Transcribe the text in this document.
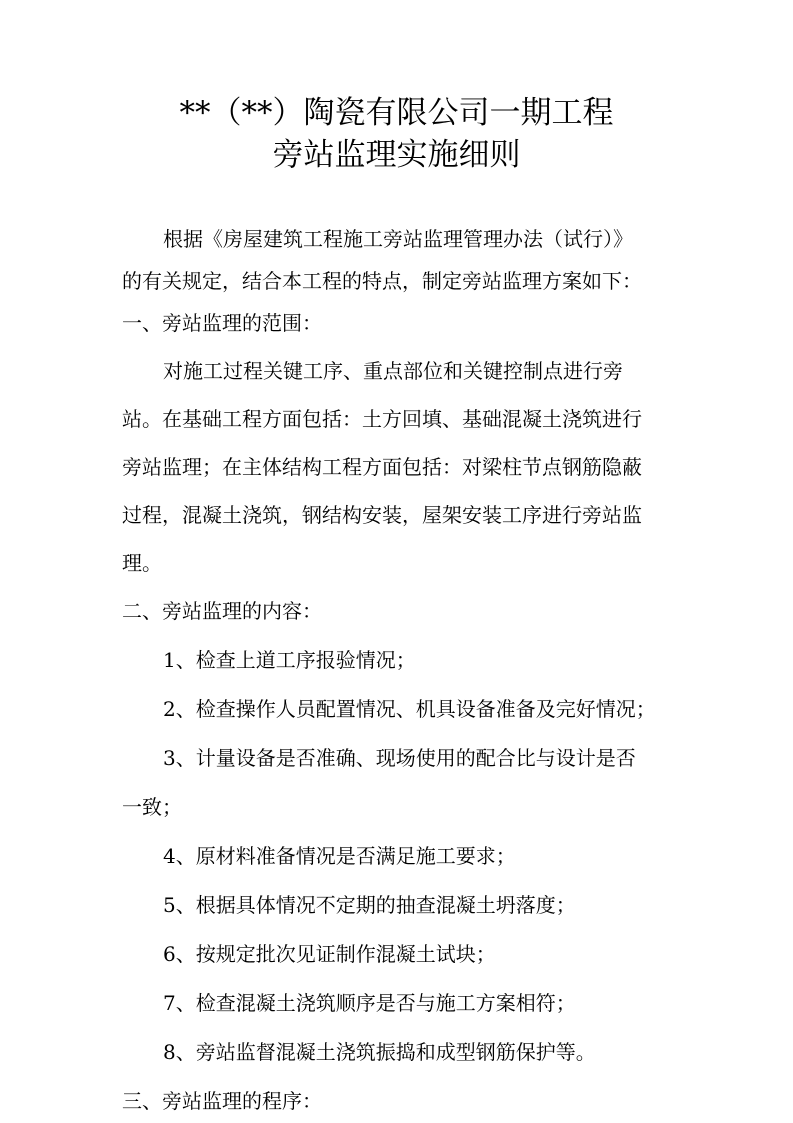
**（**）陶瓷有限公司一期工程
旁站监理实施细则
根据《房屋建筑工程施工旁站监理管理办法（试行）》
的有关规定，结合本工程的特点，制定旁站监理方案如下：
一、旁站监理的范围：
对施工过程关键工序、重点部位和关键控制点进行旁
站。在基础工程方面包括：土方回填、基础混凝土浇筑进行
旁站监理；在主体结构工程方面包括：对梁柱节点钢筋隐蔽
过程，混凝土浇筑，钢结构安装，屋架安装工序进行旁站监
理。
二、旁站监理的内容：
1、检查上道工序报验情况；
2、检查操作人员配置情况、机具设备准备及完好情况；
3、计量设备是否准确、现场使用的配合比与设计是否
一致；
4、原材料准备情况是否满足施工要求；
5、根据具体情况不定期的抽查混凝土坍落度；
6、按规定批次见证制作混凝土试块；
7、检查混凝土浇筑顺序是否与施工方案相符；
8、旁站监督混凝土浇筑振捣和成型钢筋保护等。
三、旁站监理的程序：
